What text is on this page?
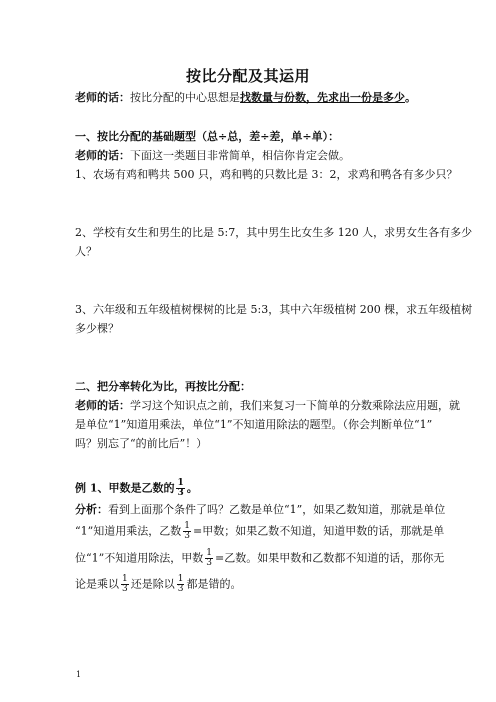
按比分配及其运用
老师的话：按比分配的中心思想是找数量与份数，先求出一份是多少。
一、按比分配的基础题型（总÷总，差÷差，单÷单）：
老师的话：下面这一类题目非常简单，相信你肯定会做。
1、农场有鸡和鸭共 500 只，鸡和鸭的只数比是 3：2，求鸡和鸭各有多少只？
2、学校有女生和男生的比是 5:7，其中男生比女生多 120 人，求男女生各有多少
人？
3、六年级和五年级植树棵树的比是 5:3，其中六年级植树 200 棵，求五年级植树
多少棵？
二、把分率转化为比，再按比分配：
老师的话：学习这个知识点之前，我们来复习一下简单的分数乘除法应用题，就
是单位“1”知道用乘法，单位“1”不知道用除法的题型。（你会判断单位“1”
吗？别忘了“的前比后”！）
例 1、甲数是乙数的 $\frac{1}{3}$ 。
分析：看到上面那个条件了吗？乙数是单位“1”，如果乙数知道，那就是单位
“1”知道用乘法，乙数 $\frac{1}{3}$ =甲数；如果乙数不知道，知道甲数的话，那就是单
位“1”不知道用除法，甲数 $\frac{1}{3}$ =乙数。如果甲数和乙数都不知道的话，那你无
论是乘以 $\frac{1}{3}$ 还是除以 $\frac{1}{3}$ 都是错的。
1
